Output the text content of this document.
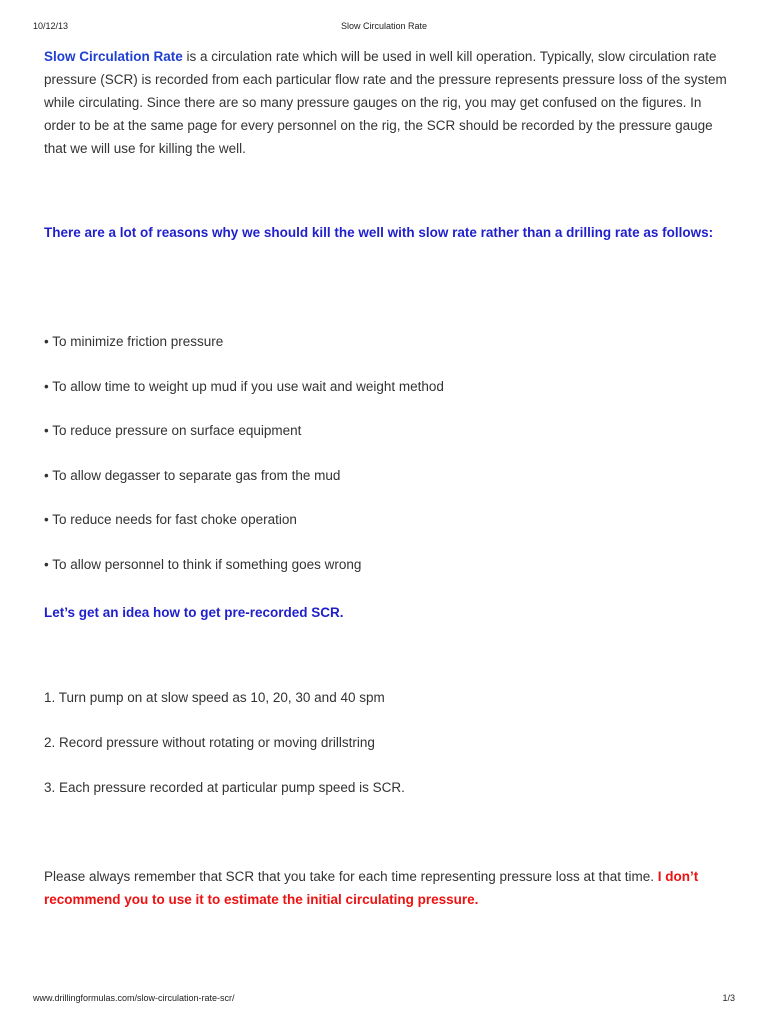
10/12/13	Slow Circulation Rate

Slow Circulation Rate is a circulation rate which will be used in well kill operation. Typically, slow circulation rate pressure (SCR) is recorded from each particular flow rate and the pressure represents pressure loss of the system while circulating. Since there are so many pressure gauges on the rig, you may get confused on the figures. In order to be at the same page for every personnel on the rig, the SCR should be recorded by the pressure gauge that we will use for killing the well.

There are a lot of reasons why we should kill the well with slow rate rather than a drilling rate as follows:

• To minimize friction pressure

• To allow time to weight up mud if you use wait and weight method

• To reduce pressure on surface equipment

• To allow degasser to separate gas from the mud

• To reduce needs for fast choke operation

• To allow personnel to think if something goes wrong

Let’s get an idea how to get pre-recorded SCR.

1. Turn pump on at slow speed as 10, 20, 30 and 40 spm

2. Record pressure without rotating or moving drillstring

3. Each pressure recorded at particular pump speed is SCR.

Please always remember that SCR that you take for each time representing pressure loss at that time. I don’t recommend you to use it to estimate the initial circulating pressure.

www.drillingformulas.com/slow-circulation-rate-scr/	1/3
